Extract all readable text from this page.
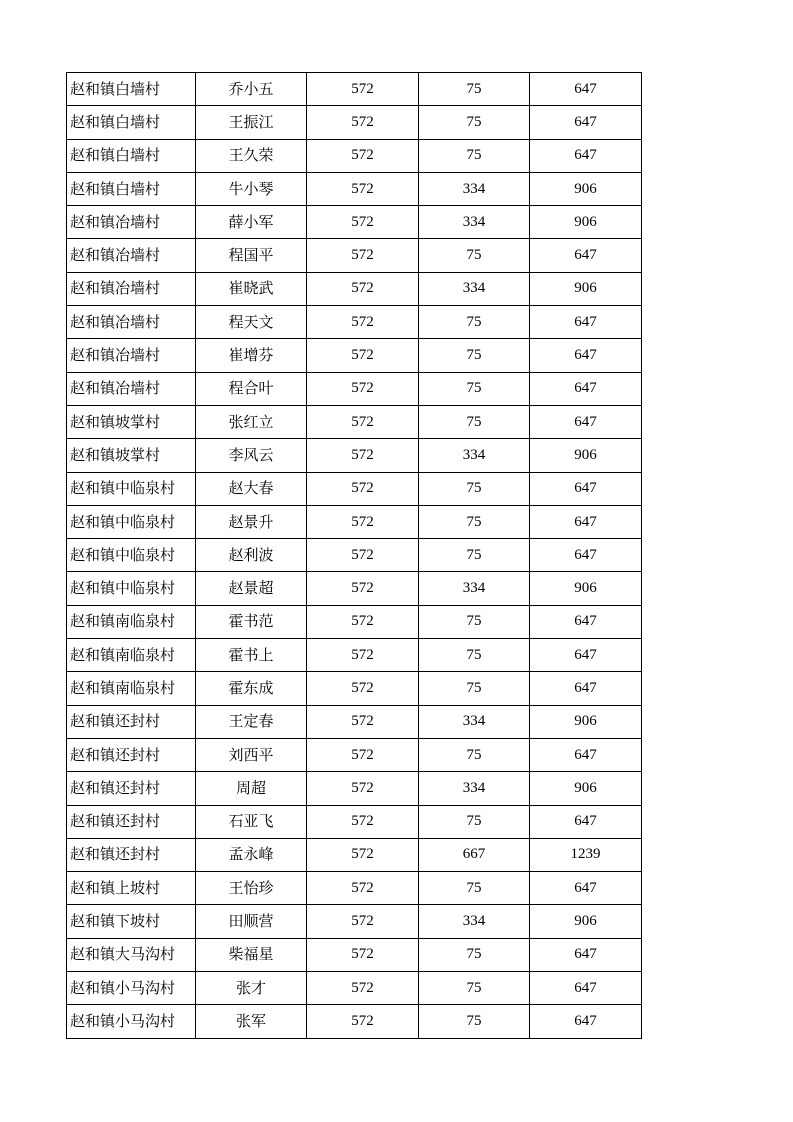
赵和镇白墙村	乔小五	572	75	647
赵和镇白墙村	王振江	572	75	647
赵和镇白墙村	王久荣	572	75	647
赵和镇白墙村	牛小琴	572	334	906
赵和镇冶墙村	薛小军	572	334	906
赵和镇冶墙村	程国平	572	75	647
赵和镇冶墙村	崔晓武	572	334	906
赵和镇冶墙村	程天文	572	75	647
赵和镇冶墙村	崔增芬	572	75	647
赵和镇冶墙村	程合叶	572	75	647
赵和镇坡掌村	张红立	572	75	647
赵和镇坡掌村	李风云	572	334	906
赵和镇中临泉村	赵大春	572	75	647
赵和镇中临泉村	赵景升	572	75	647
赵和镇中临泉村	赵利波	572	75	647
赵和镇中临泉村	赵景超	572	334	906
赵和镇南临泉村	霍书范	572	75	647
赵和镇南临泉村	霍书上	572	75	647
赵和镇南临泉村	霍东成	572	75	647
赵和镇还封村	王定春	572	334	906
赵和镇还封村	刘西平	572	75	647
赵和镇还封村	周超	572	334	906
赵和镇还封村	石亚飞	572	75	647
赵和镇还封村	孟永峰	572	667	1239
赵和镇上坡村	王怡珍	572	75	647
赵和镇下坡村	田顺营	572	334	906
赵和镇大马沟村	柴福星	572	75	647
赵和镇小马沟村	张才	572	75	647
赵和镇小马沟村	张军	572	75	647
